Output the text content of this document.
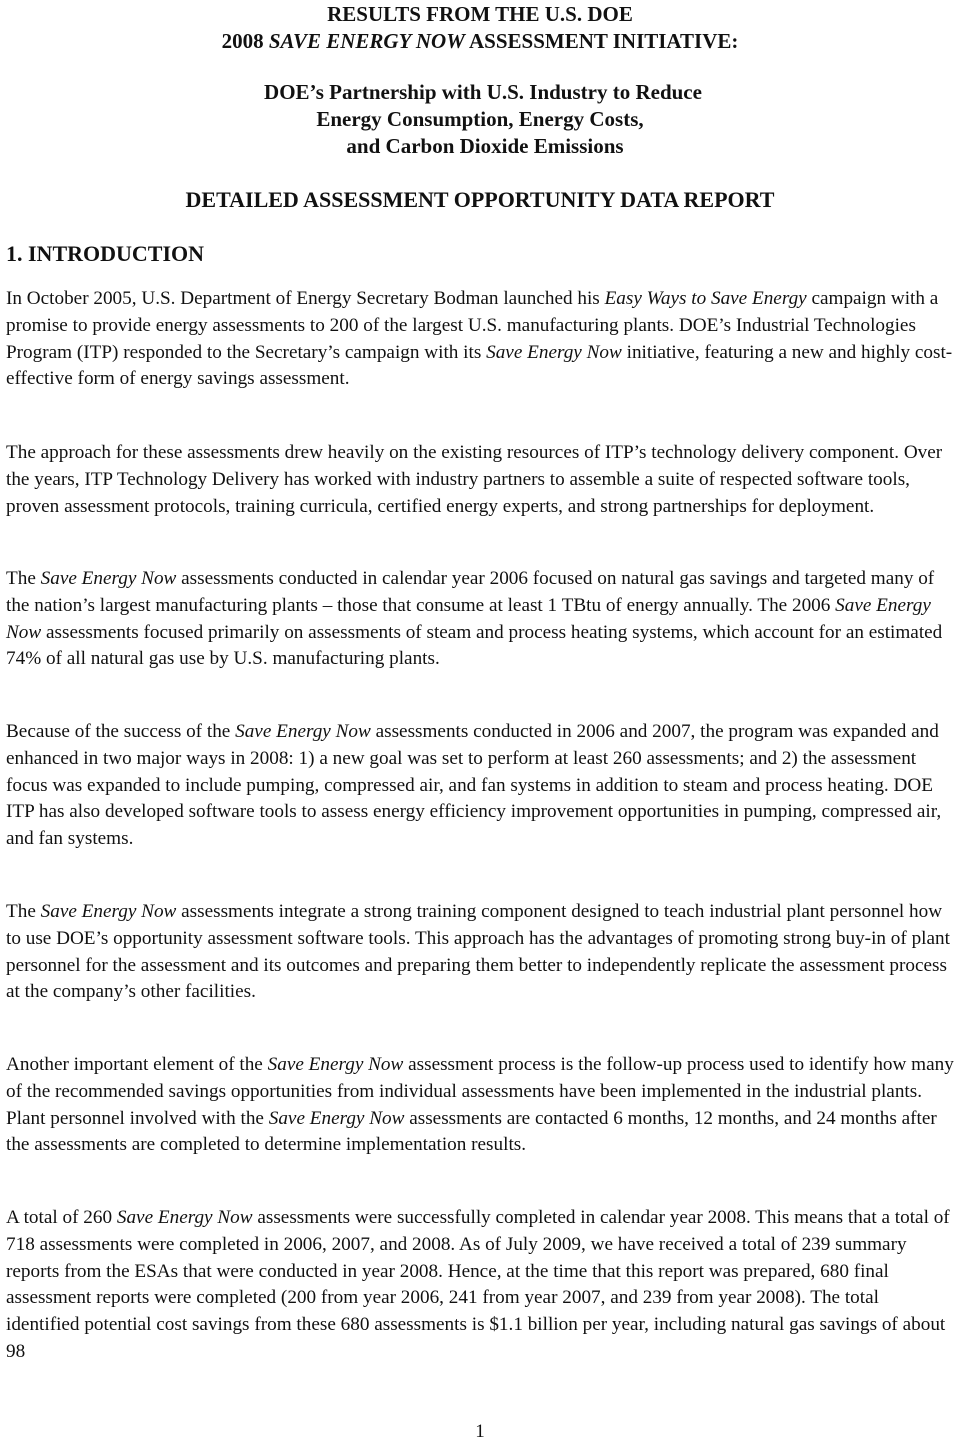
RESULTS FROM THE U.S. DOE
2008 SAVE ENERGY NOW ASSESSMENT INITIATIVE:
DOE’s Partnership with U.S. Industry to Reduce
Energy Consumption, Energy Costs,
and Carbon Dioxide Emissions
DETAILED ASSESSMENT OPPORTUNITY DATA REPORT
1. INTRODUCTION

In October 2005, U.S. Department of Energy Secretary Bodman launched his Easy Ways to Save Energy campaign with a promise to provide energy assessments to 200 of the largest U.S. manufacturing plants. DOE’s Industrial Technologies Program (ITP) responded to the Secretary’s campaign with its Save Energy Now initiative, featuring a new and highly cost-effective form of energy savings assessment.

The approach for these assessments drew heavily on the existing resources of ITP’s technology delivery component. Over the years, ITP Technology Delivery has worked with industry partners to assemble a suite of respected software tools, proven assessment protocols, training curricula, certified energy experts, and strong partnerships for deployment.

The Save Energy Now assessments conducted in calendar year 2006 focused on natural gas savings and targeted many of the nation’s largest manufacturing plants – those that consume at least 1 TBtu of energy annually. The 2006 Save Energy Now assessments focused primarily on assessments of steam and process heating systems, which account for an estimated 74% of all natural gas use by U.S. manufacturing plants.

Because of the success of the Save Energy Now assessments conducted in 2006 and 2007, the program was expanded and enhanced in two major ways in 2008: 1) a new goal was set to perform at least 260 assessments; and 2) the assessment focus was expanded to include pumping, compressed air, and fan systems in addition to steam and process heating. DOE ITP has also developed software tools to assess energy efficiency improvement opportunities in pumping, compressed air, and fan systems.

The Save Energy Now assessments integrate a strong training component designed to teach industrial plant personnel how to use DOE’s opportunity assessment software tools. This approach has the advantages of promoting strong buy-in of plant personnel for the assessment and its outcomes and preparing them better to independently replicate the assessment process at the company’s other facilities.

Another important element of the Save Energy Now assessment process is the follow-up process used to identify how many of the recommended savings opportunities from individual assessments have been implemented in the industrial plants. Plant personnel involved with the Save Energy Now assessments are contacted 6 months, 12 months, and 24 months after the assessments are completed to determine implementation results.

A total of 260 Save Energy Now assessments were successfully completed in calendar year 2008. This means that a total of 718 assessments were completed in 2006, 2007, and 2008. As of July 2009, we have received a total of 239 summary reports from the ESAs that were conducted in year 2008. Hence, at the time that this report was prepared, 680 final assessment reports were completed (200 from year 2006, 241 from year 2007, and 239 from year 2008). The total identified potential cost savings from these 680 assessments is $1.1 billion per year, including natural gas savings of about 98

1
